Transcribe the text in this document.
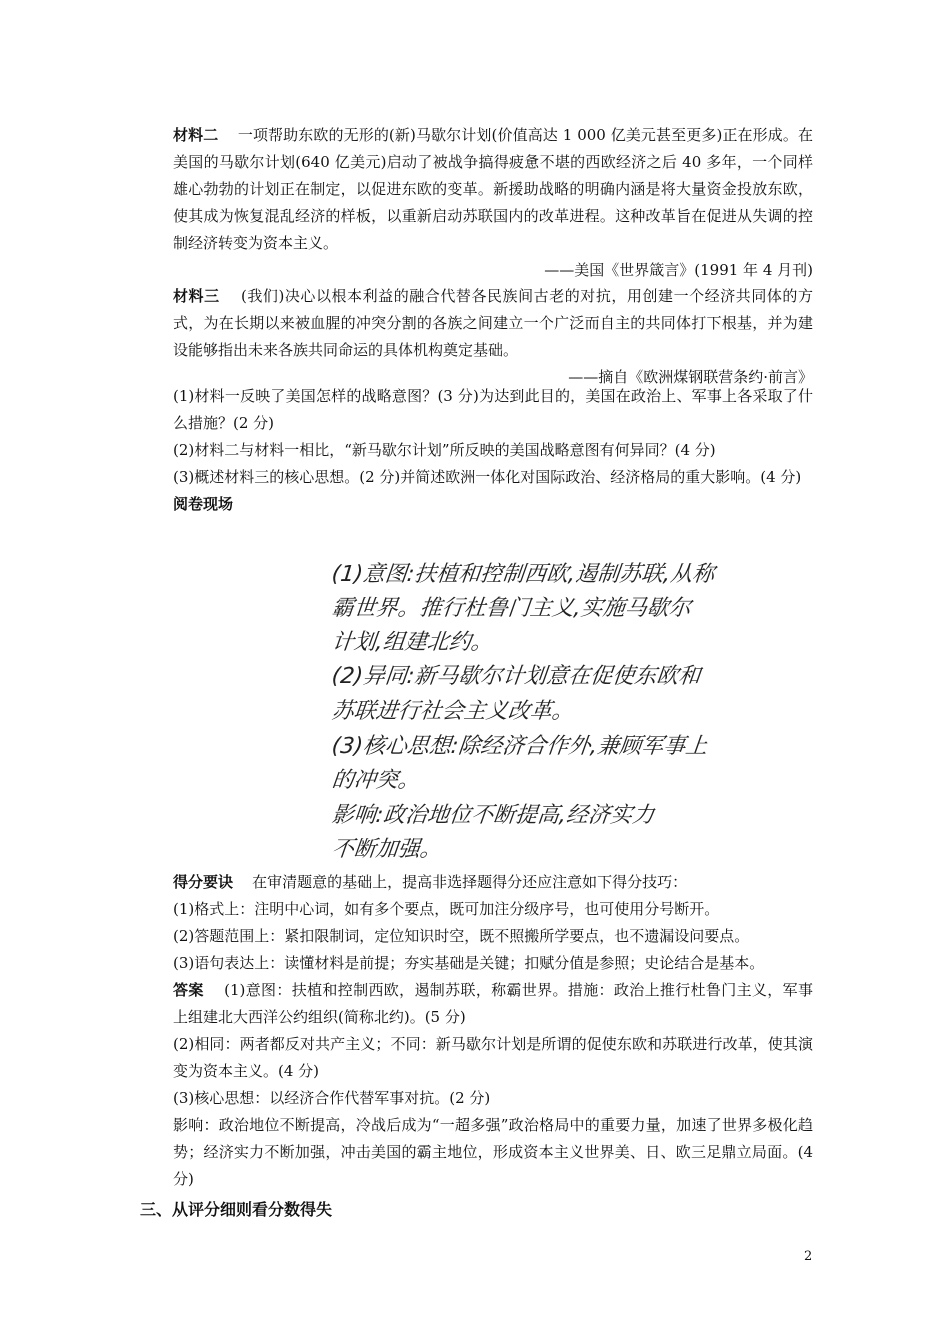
材料二 一项帮助东欧的无形的(新)马歇尔计划(价值高达 1 000 亿美元甚至更多)正在形成。在美国的马歇尔计划(640 亿美元)启动了被战争搞得疲惫不堪的西欧经济之后 40 多年，一个同样雄心勃勃的计划正在制定，以促进东欧的变革。新援助战略的明确内涵是将大量资金投放东欧，使其成为恢复混乱经济的样板，以重新启动苏联国内的改革进程。这种改革旨在促进从失调的控制经济转变为资本主义。

——美国《世界箴言》(1991 年 4 月刊)

材料三 (我们)决心以根本利益的融合代替各民族间古老的对抗，用创建一个经济共同体的方式，为在长期以来被血腥的冲突分割的各族之间建立一个广泛而自主的共同体打下根基，并为建设能够指出未来各族共同命运的具体机构奠定基础。

——摘自《欧洲煤钢联营条约·前言》

(1)材料一反映了美国怎样的战略意图？(3 分)为达到此目的，美国在政治上、军事上各采取了什么措施？(2 分)

(2)材料二与材料一相比，“新马歇尔计划”所反映的美国战略意图有何异同？(4 分)

(3)概述材料三的核心思想。(2 分)并简述欧洲一体化对国际政治、经济格局的重大影响。(4 分)

阅卷现场

(1)意图:扶植和控制西欧,遏制苏联,从称
霸世界。推行杜鲁门主义,实施马歇尔
计划,组建北约。
(2)异同:新马歇尔计划意在促使东欧和
苏联进行社会主义改革。
(3)核心思想:除经济合作外,兼顾军事上
的冲突。
影响:政治地位不断提高,经济实力
不断加强。

得分要诀 在审清题意的基础上，提高非选择题得分还应注意如下得分技巧：

(1)格式上：注明中心词，如有多个要点，既可加注分级序号，也可使用分号断开。

(2)答题范围上：紧扣限制词，定位知识时空，既不照搬所学要点，也不遗漏设问要点。

(3)语句表达上：读懂材料是前提；夯实基础是关键；扣赋分值是参照；史论结合是基本。

答案 (1)意图：扶植和控制西欧，遏制苏联，称霸世界。措施：政治上推行杜鲁门主义，军事上组建北大西洋公约组织(简称北约)。(5 分)

(2)相同：两者都反对共产主义；不同：新马歇尔计划是所谓的促使东欧和苏联进行改革，使其演变为资本主义。(4 分)

(3)核心思想：以经济合作代替军事对抗。(2 分)

影响：政治地位不断提高，冷战后成为“一超多强”政治格局中的重要力量，加速了世界多极化趋势；经济实力不断加强，冲击美国的霸主地位，形成资本主义世界美、日、欧三足鼎立局面。(4 分)

三、从评分细则看分数得失
2
